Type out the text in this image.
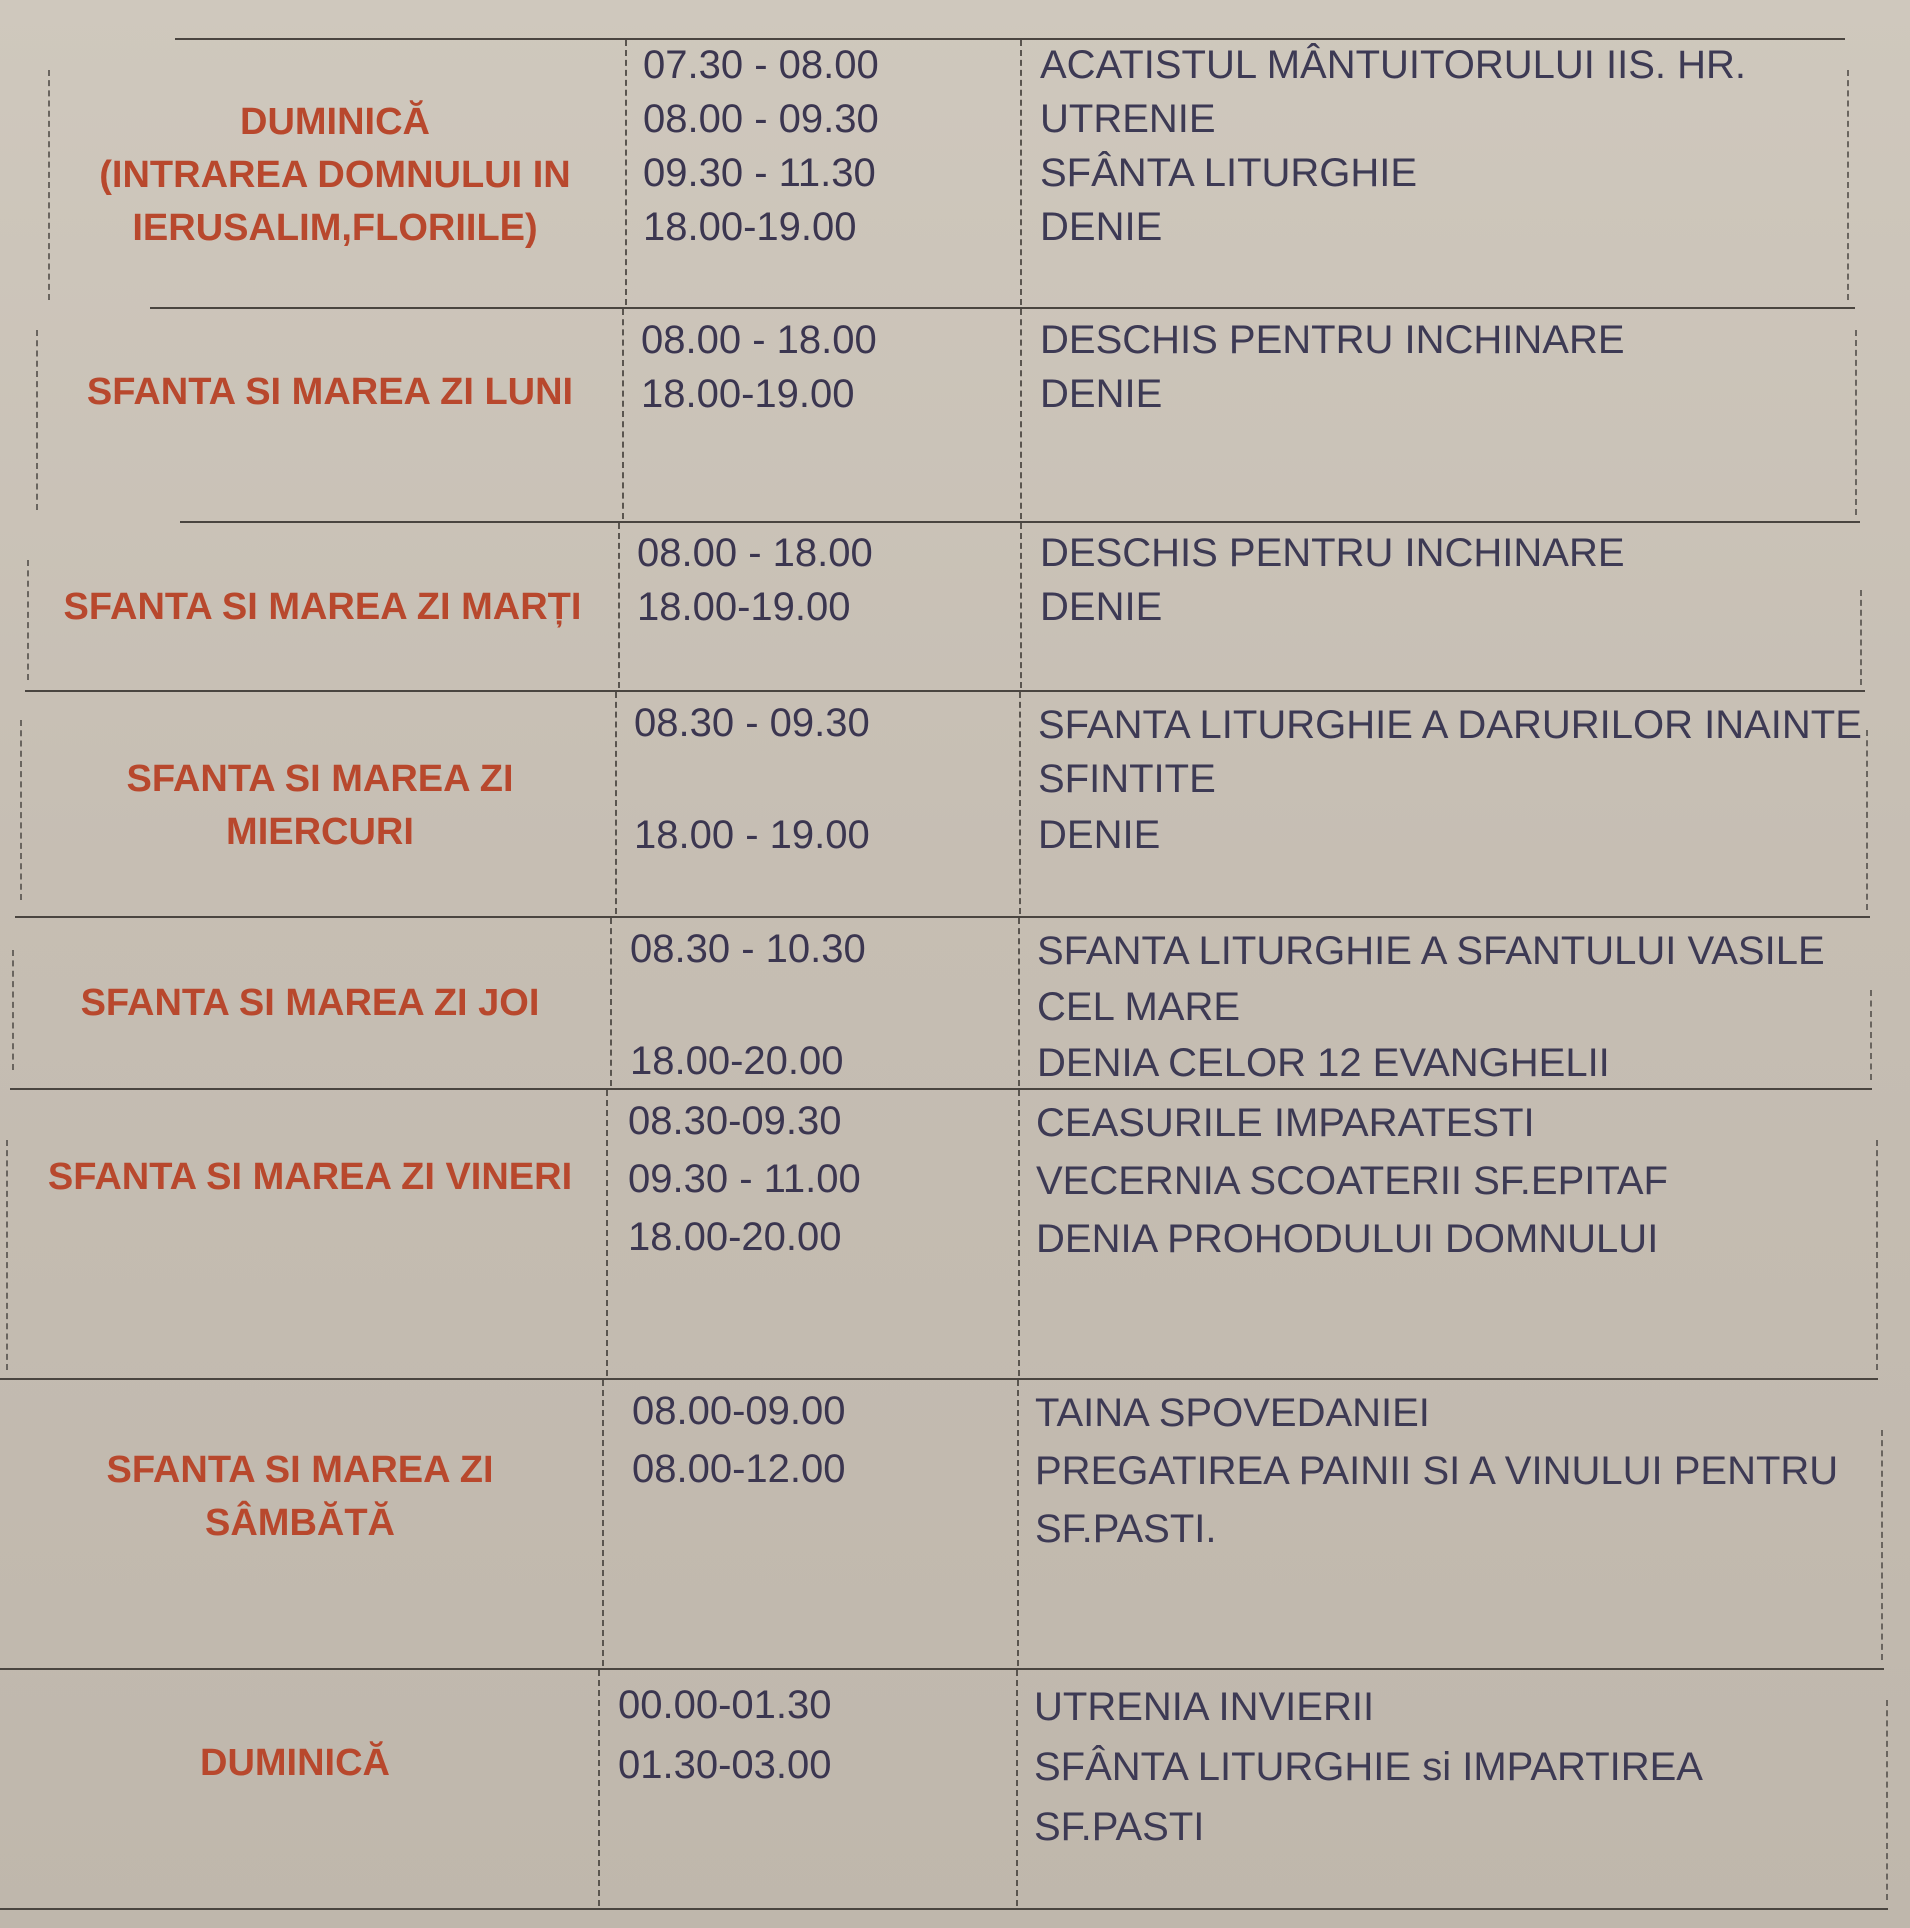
DUMINICĂ
(INTRAREA DOMNULUI IN
IERUSALIM,FLORIILE)
07.30 - 08.00
08.00 - 09.30
09.30 - 11.30
18.00-19.00
ACATISTUL MÂNTUITORULUI IIS. HR.
UTRENIE
SFÂNTA LITURGHIE
DENIE
SFANTA SI MAREA ZI LUNI
08.00 - 18.00
18.00-19.00
DESCHIS PENTRU INCHINARE
DENIE
SFANTA SI MAREA ZI MARȚI
08.00 - 18.00
18.00-19.00
DESCHIS PENTRU INCHINARE
DENIE
SFANTA SI MAREA ZI
MIERCURI
08.30 - 09.30
18.00 - 19.00
SFANTA LITURGHIE A DARURILOR INAINTE
SFINTITE
DENIE
SFANTA SI MAREA ZI JOI
08.30 - 10.30
18.00-20.00
SFANTA LITURGHIE A SFANTULUI VASILE
CEL MARE
DENIA CELOR 12 EVANGHELII
SFANTA SI MAREA ZI VINERI
08.30-09.30
09.30 - 11.00
18.00-20.00
CEASURILE IMPARATESTI
VECERNIA SCOATERII SF.EPITAF
DENIA PROHODULUI DOMNULUI
SFANTA SI MAREA ZI
SÂMBĂTĂ
08.00-09.00
08.00-12.00
TAINA SPOVEDANIEI
PREGATIREA PAINII SI A VINULUI PENTRU
SF.PASTI.
DUMINICĂ
00.00-01.30
01.30-03.00
UTRENIA INVIERII
SFÂNTA LITURGHIE si IMPARTIREA
SF.PASTI
